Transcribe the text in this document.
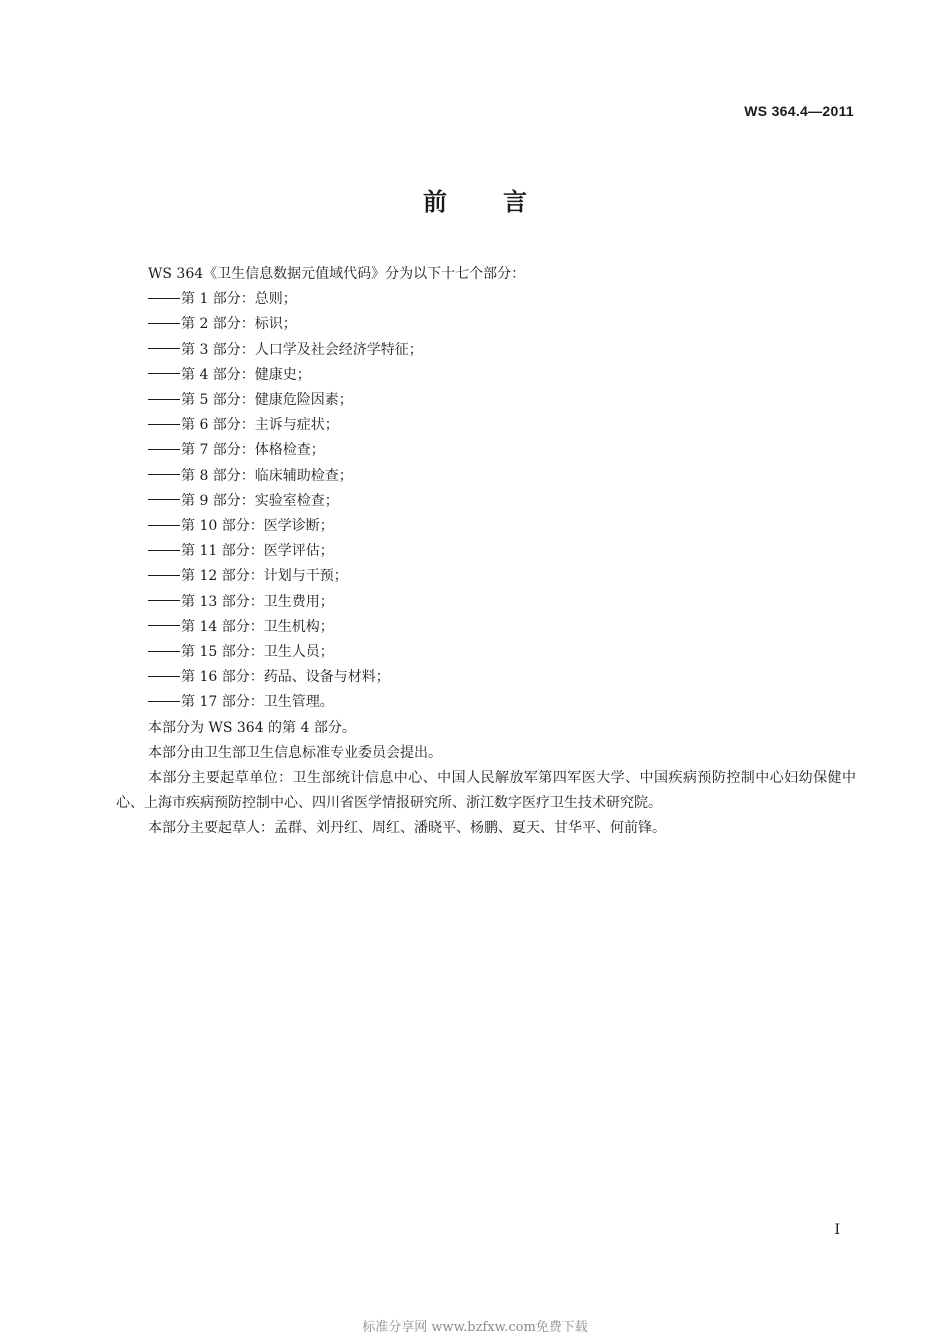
WS 364.4—2011
前言
WS 364《卫生信息数据元值域代码》分为以下十七个部分：
第 1 部分：总则；
第 2 部分：标识；
第 3 部分：人口学及社会经济学特征；
第 4 部分：健康史；
第 5 部分：健康危险因素；
第 6 部分：主诉与症状；
第 7 部分：体格检查；
第 8 部分：临床辅助检查；
第 9 部分：实验室检查；
第 10 部分：医学诊断；
第 11 部分：医学评估；
第 12 部分：计划与干预；
第 13 部分：卫生费用；
第 14 部分：卫生机构；
第 15 部分：卫生人员；
第 16 部分：药品、设备与材料；
第 17 部分：卫生管理。
本部分为 WS 364 的第 4 部分。
本部分由卫生部卫生信息标准专业委员会提出。
本部分主要起草单位：卫生部统计信息中心、中国人民解放军第四军医大学、中国疾病预防控制中心妇幼保健中心、上海市疾病预防控制中心、四川省医学情报研究所、浙江数字医疗卫生技术研究院。
本部分主要起草人：孟群、刘丹红、周红、潘晓平、杨鹏、夏天、甘华平、何前锋。
I
标准分享网 www.bzfxw.com免费下载
